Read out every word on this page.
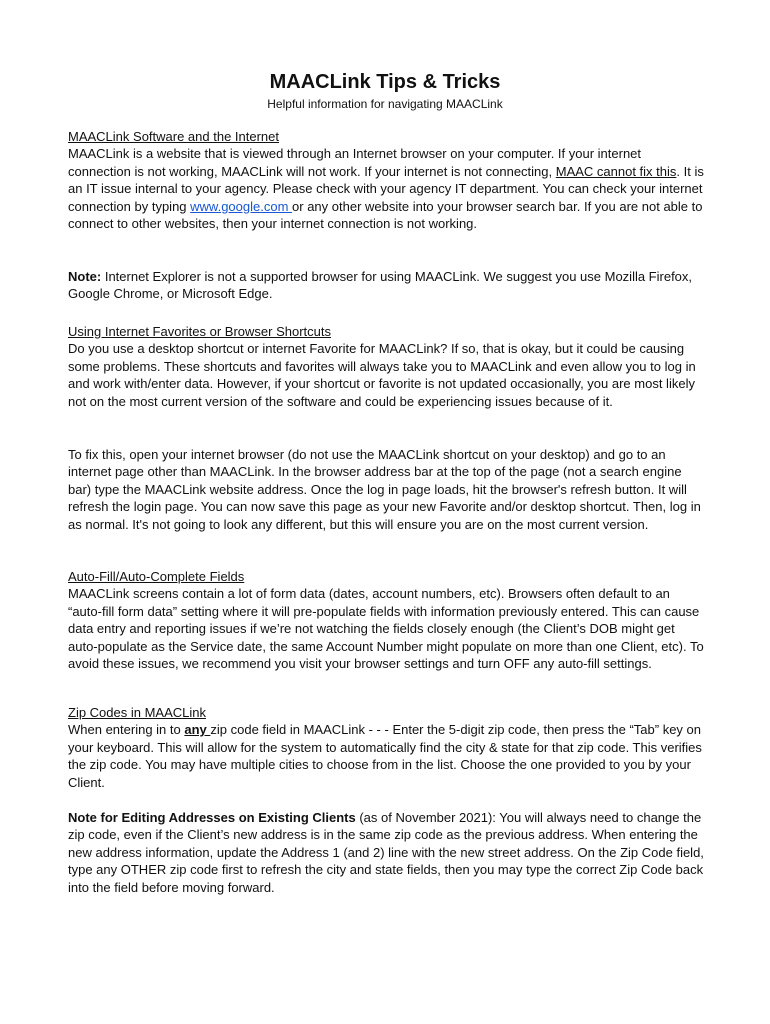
MAACLink Tips & Tricks
Helpful information for navigating MAACLink
MAACLink Software and the Internet
MAACLink is a website that is viewed through an Internet browser on your computer. If your internet connection is not working, MAACLink will not work. If your internet is not connecting, MAAC cannot fix this. It is an IT issue internal to your agency. Please check with your agency IT department. You can check your internet connection by typing www.google.com or any other website into your browser search bar. If you are not able to connect to other websites, then your internet connection is not working.
Note: Internet Explorer is not a supported browser for using MAACLink. We suggest you use Mozilla Firefox, Google Chrome, or Microsoft Edge.
Using Internet Favorites or Browser Shortcuts
Do you use a desktop shortcut or internet Favorite for MAACLink? If so, that is okay, but it could be causing some problems. These shortcuts and favorites will always take you to MAACLink and even allow you to log in and work with/enter data. However, if your shortcut or favorite is not updated occasionally, you are most likely not on the most current version of the software and could be experiencing issues because of it.
To fix this, open your internet browser (do not use the MAACLink shortcut on your desktop) and go to an internet page other than MAACLink. In the browser address bar at the top of the page (not a search engine bar) type the MAACLink website address. Once the log in page loads, hit the browser's refresh button. It will refresh the login page. You can now save this page as your new Favorite and/or desktop shortcut. Then, log in as normal. It's not going to look any different, but this will ensure you are on the most current version.
Auto-Fill/Auto-Complete Fields
MAACLink screens contain a lot of form data (dates, account numbers, etc). Browsers often default to an “auto-fill form data” setting where it will pre-populate fields with information previously entered. This can cause data entry and reporting issues if we’re not watching the fields closely enough (the Client’s DOB might get auto-populate as the Service date, the same Account Number might populate on more than one Client, etc). To avoid these issues, we recommend you visit your browser settings and turn OFF any auto-fill settings.
Zip Codes in MAACLink
When entering in to any zip code field in MAACLink - - - Enter the 5-digit zip code, then press the “Tab” key on your keyboard. This will allow for the system to automatically find the city & state for that zip code. This verifies the zip code. You may have multiple cities to choose from in the list. Choose the one provided to you by your Client.
Note for Editing Addresses on Existing Clients (as of November 2021): You will always need to change the zip code, even if the Client’s new address is in the same zip code as the previous address. When entering the new address information, update the Address 1 (and 2) line with the new street address. On the Zip Code field, type any OTHER zip code first to refresh the city and state fields, then you may type the correct Zip Code back into the field before moving forward.
